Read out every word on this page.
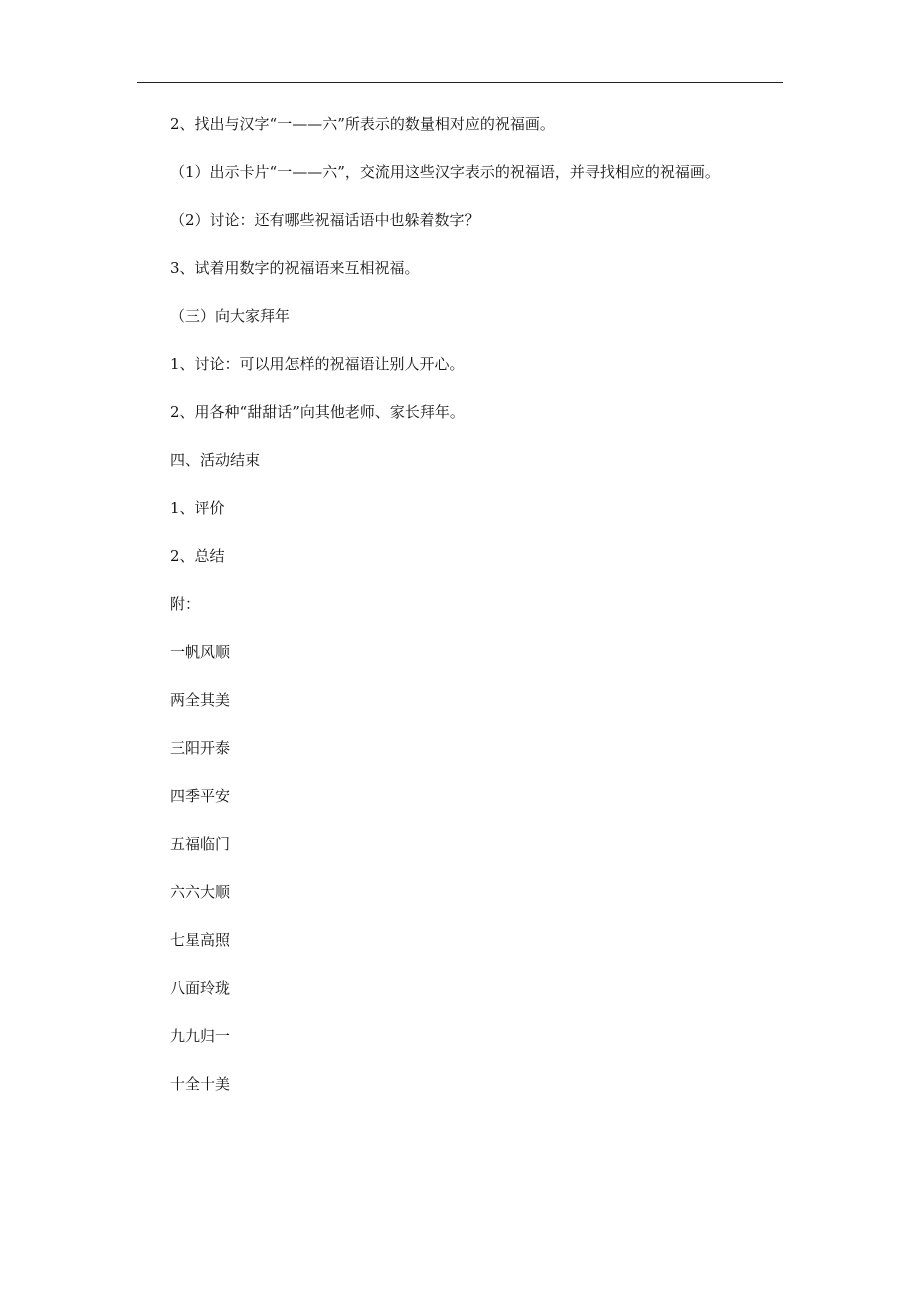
2、找出与汉字“一——六”所表示的数量相对应的祝福画。
（1）出示卡片“一——六”，交流用这些汉字表示的祝福语，并寻找相应的祝福画。
（2）讨论：还有哪些祝福话语中也躲着数字？
3、试着用数字的祝福语来互相祝福。
（三）向大家拜年
1、讨论：可以用怎样的祝福语让别人开心。
2、用各种“甜甜话”向其他老师、家长拜年。
四、活动结束
1、评价
2、总结
附：
一帆风顺
两全其美
三阳开泰
四季平安
五福临门
六六大顺
七星高照
八面玲珑
九九归一
十全十美
